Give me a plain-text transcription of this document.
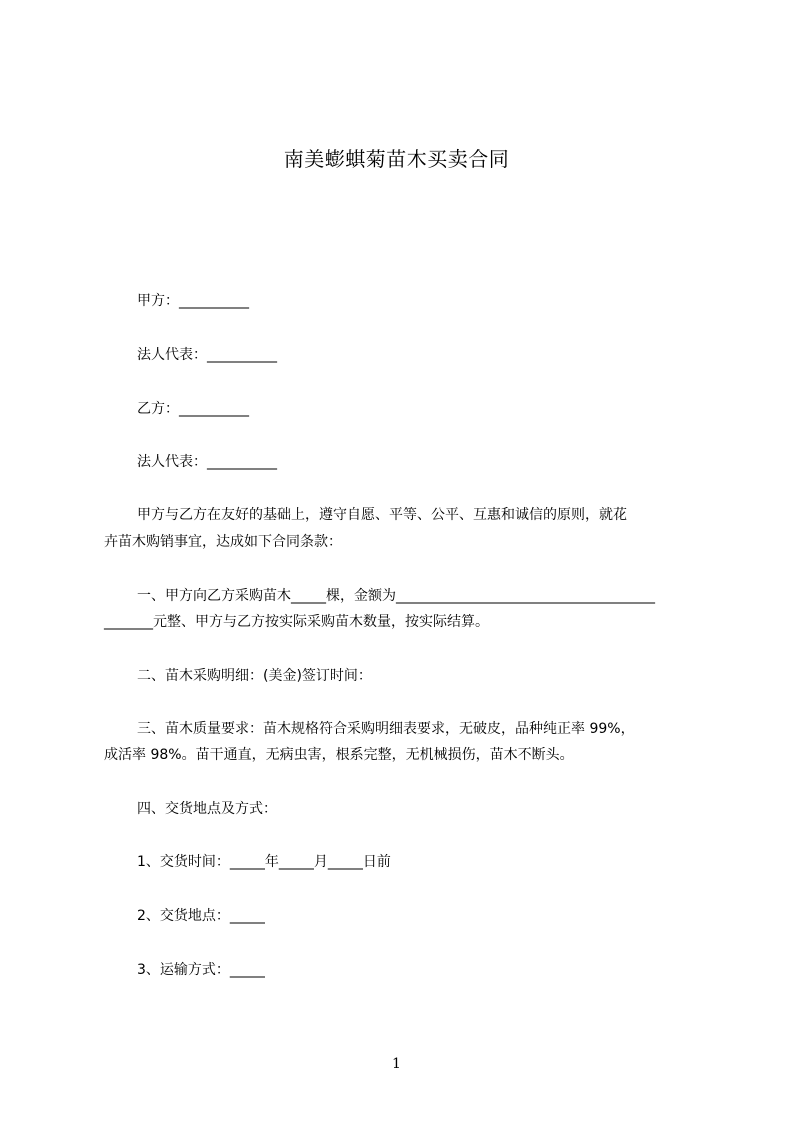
南美蟛蜞菊苗木买卖合同
甲方：__________
法人代表：__________
乙方：__________
法人代表：__________
甲方与乙方在友好的基础上，遵守自愿、平等、公平、互惠和诚信的原则，就花
卉苗木购销事宜，达成如下合同条款：
一、甲方向乙方采购苗木_____棵，金额为_____________________________________
_______元整、甲方与乙方按实际采购苗木数量，按实际结算。
二、苗木采购明细：(美金)签订时间：
三、苗木质量要求：苗木规格符合采购明细表要求，无破皮，品种纯正率 99%，
成活率 98%。苗干通直，无病虫害，根系完整，无机械损伤，苗木不断头。
四、交货地点及方式：
1、交货时间：_____年_____月_____日前
2、交货地点：_____
3、运输方式：_____
1
